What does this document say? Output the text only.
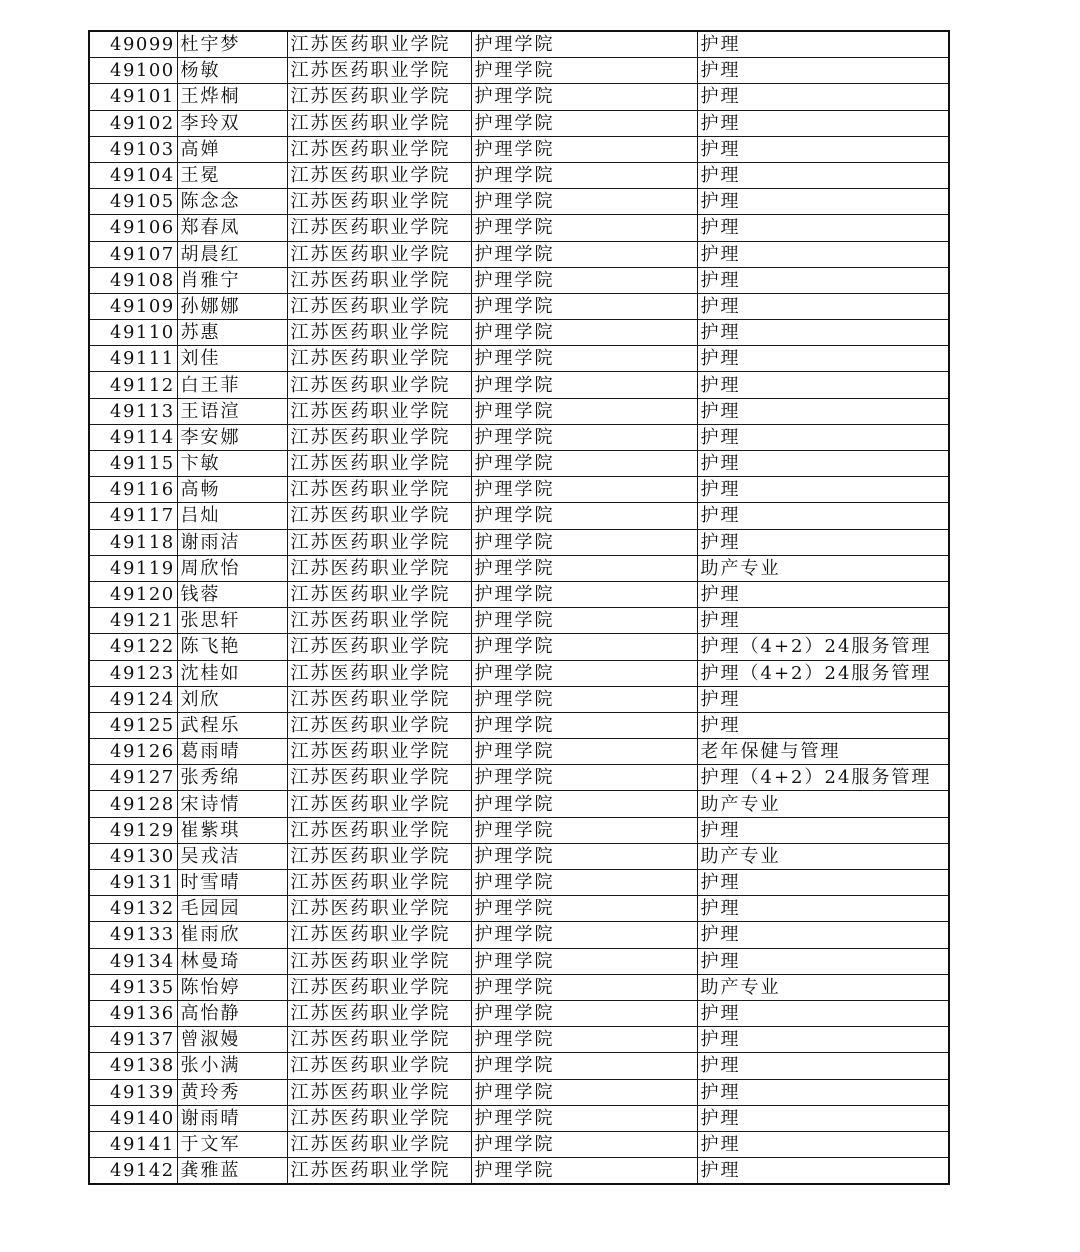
49099	杜宇梦	江苏医药职业学院	护理学院	护理
49100	杨敏	江苏医药职业学院	护理学院	护理
49101	王烨桐	江苏医药职业学院	护理学院	护理
49102	李玲双	江苏医药职业学院	护理学院	护理
49103	高婵	江苏医药职业学院	护理学院	护理
49104	王冕	江苏医药职业学院	护理学院	护理
49105	陈念念	江苏医药职业学院	护理学院	护理
49106	郑春凤	江苏医药职业学院	护理学院	护理
49107	胡晨红	江苏医药职业学院	护理学院	护理
49108	肖雅宁	江苏医药职业学院	护理学院	护理
49109	孙娜娜	江苏医药职业学院	护理学院	护理
49110	苏惠	江苏医药职业学院	护理学院	护理
49111	刘佳	江苏医药职业学院	护理学院	护理
49112	白王菲	江苏医药职业学院	护理学院	护理
49113	王语渲	江苏医药职业学院	护理学院	护理
49114	李安娜	江苏医药职业学院	护理学院	护理
49115	卞敏	江苏医药职业学院	护理学院	护理
49116	高畅	江苏医药职业学院	护理学院	护理
49117	吕灿	江苏医药职业学院	护理学院	护理
49118	谢雨洁	江苏医药职业学院	护理学院	护理
49119	周欣怡	江苏医药职业学院	护理学院	助产专业
49120	钱蓉	江苏医药职业学院	护理学院	护理
49121	张思轩	江苏医药职业学院	护理学院	护理
49122	陈飞艳	江苏医药职业学院	护理学院	护理（4+2）24服务管理
49123	沈桂如	江苏医药职业学院	护理学院	护理（4+2）24服务管理
49124	刘欣	江苏医药职业学院	护理学院	护理
49125	武程乐	江苏医药职业学院	护理学院	护理
49126	葛雨晴	江苏医药职业学院	护理学院	老年保健与管理
49127	张秀绵	江苏医药职业学院	护理学院	护理（4+2）24服务管理
49128	宋诗情	江苏医药职业学院	护理学院	助产专业
49129	崔紫琪	江苏医药职业学院	护理学院	护理
49130	吴戎洁	江苏医药职业学院	护理学院	助产专业
49131	时雪晴	江苏医药职业学院	护理学院	护理
49132	毛园园	江苏医药职业学院	护理学院	护理
49133	崔雨欣	江苏医药职业学院	护理学院	护理
49134	林曼琦	江苏医药职业学院	护理学院	护理
49135	陈怡婷	江苏医药职业学院	护理学院	助产专业
49136	高怡静	江苏医药职业学院	护理学院	护理
49137	曾淑嫚	江苏医药职业学院	护理学院	护理
49138	张小满	江苏医药职业学院	护理学院	护理
49139	黄玲秀	江苏医药职业学院	护理学院	护理
49140	谢雨晴	江苏医药职业学院	护理学院	护理
49141	于文军	江苏医药职业学院	护理学院	护理
49142	龚雅蓝	江苏医药职业学院	护理学院	护理
